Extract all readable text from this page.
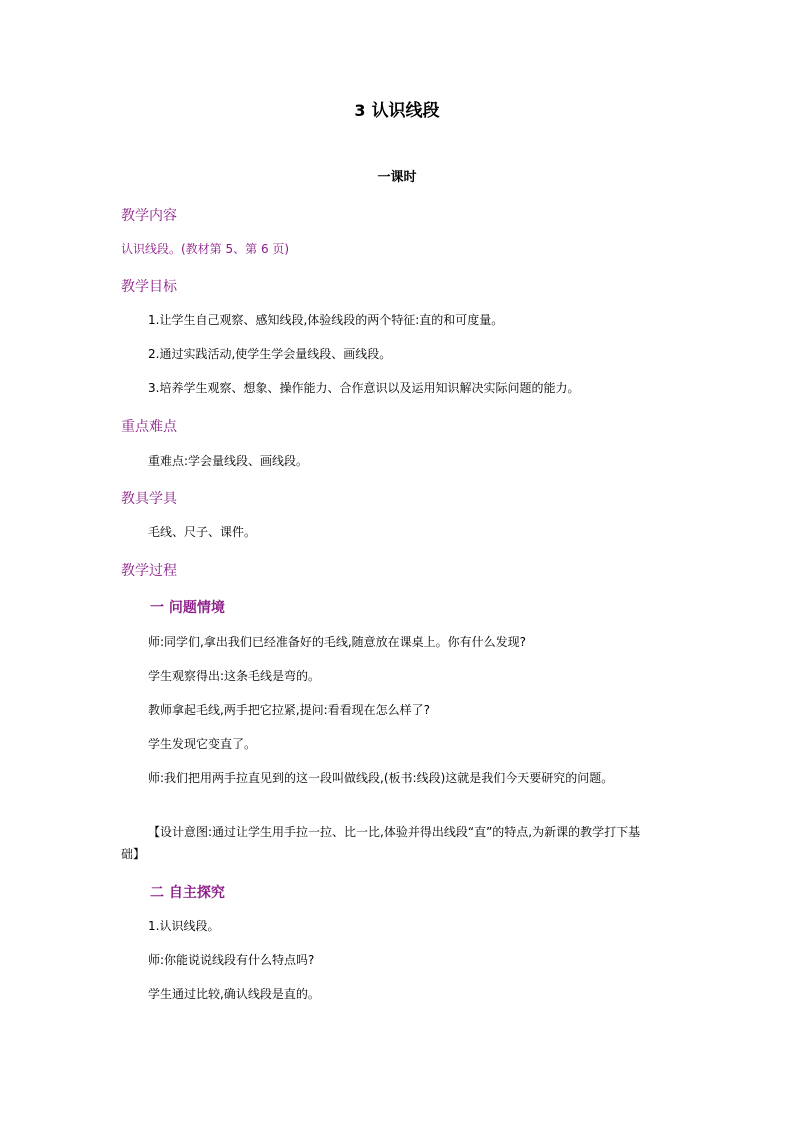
3 认识线段
一课时
教学内容
认识线段。(教材第 5、第 6 页)
教学目标
1.让学生自己观察、感知线段,体验线段的两个特征:直的和可度量。
2.通过实践活动,使学生学会量线段、画线段。
3.培养学生观察、想象、操作能力、合作意识以及运用知识解决实际问题的能力。
重点难点
重难点:学会量线段、画线段。
教具学具
毛线、尺子、课件。
教学过程
一 问题情境
师:同学们,拿出我们已经准备好的毛线,随意放在课桌上。你有什么发现?
学生观察得出:这条毛线是弯的。
教师拿起毛线,两手把它拉紧,提问:看看现在怎么样了?
学生发现它变直了。
师:我们把用两手拉直见到的这一段叫做线段,(板书:线段)这就是我们今天要研究的问题。
【设计意图:通过让学生用手拉一拉、比一比,体验并得出线段“直”的特点,为新课的教学打下基础】
二 自主探究
1.认识线段。
师:你能说说线段有什么特点吗?
学生通过比较,确认线段是直的。
